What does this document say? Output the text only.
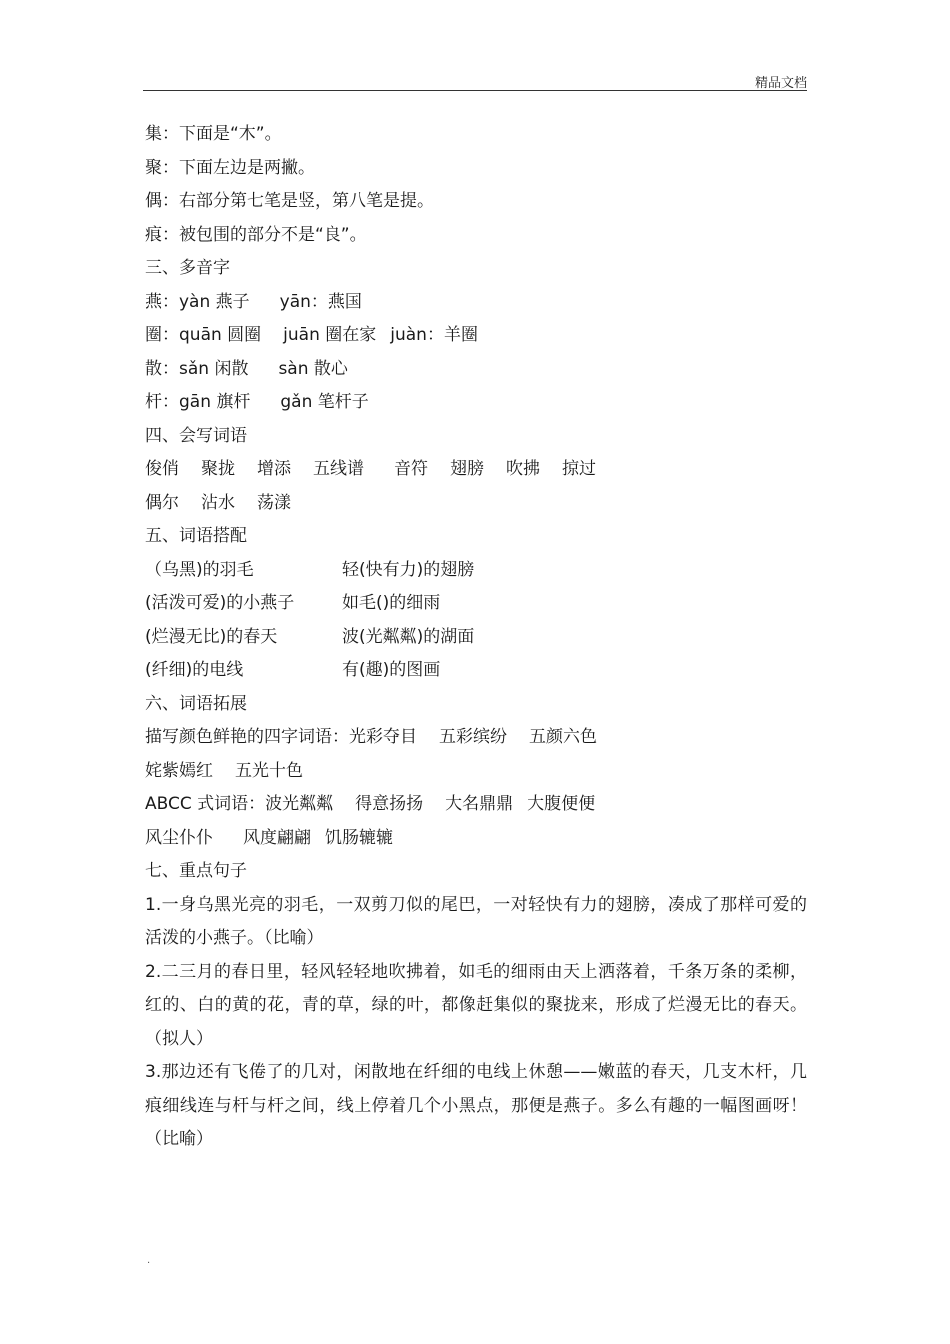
精品文档
集：下面是“木”。
聚：下面左边是两撇。
偶：右部分第七笔是竖，第八笔是提。
痕：被包围的部分不是“良”。
三、多音字
燕：yàn 燕子 yān：燕国
圈：quān 圆圈 juān 圈在家 juàn：羊圈
散：sǎn 闲散 sàn 散心
杆：gān 旗杆 gǎn 笔杆子
四、会写词语
俊俏 聚拢 增添 五线谱 音符 翅膀 吹拂 掠过
偶尔 沾水 荡漾
五、词语搭配
（乌黑)的羽毛	轻(快有力)的翅膀
(活泼可爱)的小燕子	如毛()的细雨
(烂漫无比)的春天	波(光粼粼)的湖面
(纤细)的电线	有(趣)的图画
六、词语拓展
描写颜色鲜艳的四字词语：光彩夺目 五彩缤纷 五颜六色
姹紫嫣红 五光十色
ABCC 式词语：波光粼粼 得意扬扬 大名鼎鼎 大腹便便
风尘仆仆 风度翩翩 饥肠辘辘
七、重点句子
1.一身乌黑光亮的羽毛，一双剪刀似的尾巴，一对轻快有力的翅膀，凑成了那样可爱的活泼的小燕子。（比喻）
2.二三月的春日里，轻风轻轻地吹拂着，如毛的细雨由天上洒落着，千条万条的柔柳，红的、白的黄的花，青的草，绿的叶，都像赶集似的聚拢来，形成了烂漫无比的春天。（拟人）
3.那边还有飞倦了的几对，闲散地在纤细的电线上休憩——嫩蓝的春天，几支木杆，几痕细线连与杆与杆之间，线上停着几个小黑点，那便是燕子。多么有趣的一幅图画呀！（比喻）
.
